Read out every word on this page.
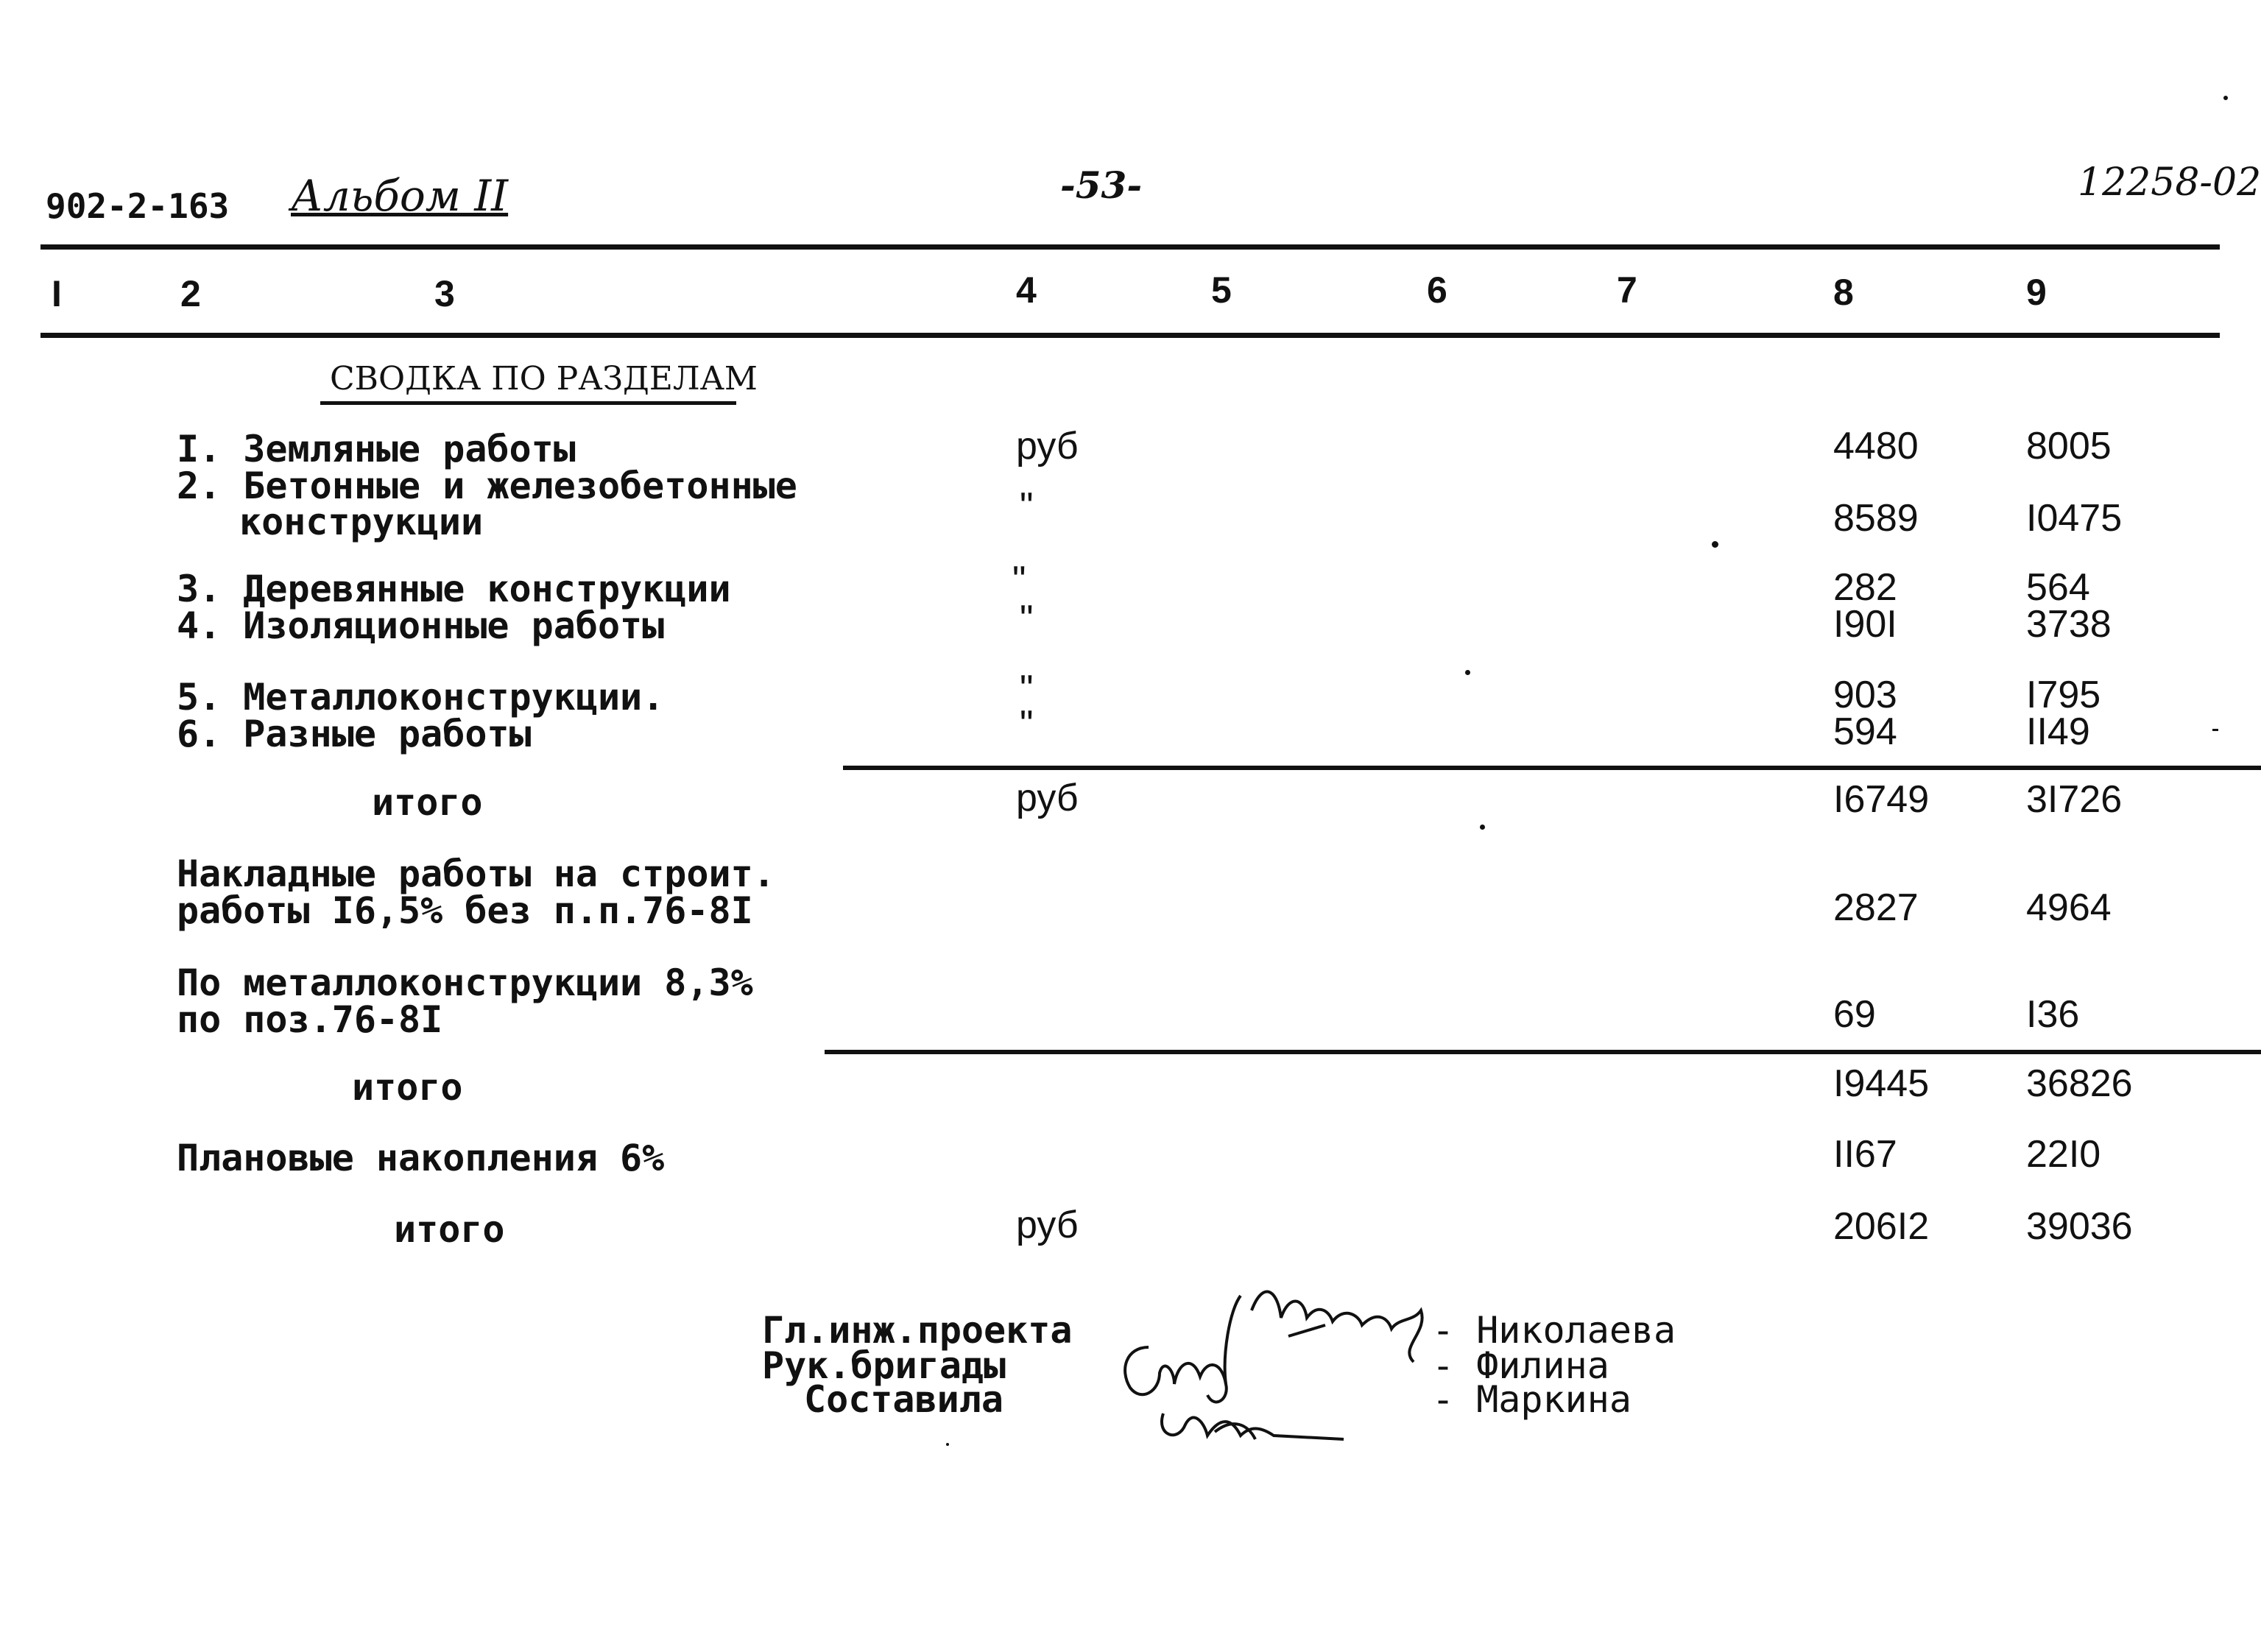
902-2-163 Альбом II	-53-	12258-02
I	2	3	4	5	6	7	8	9
СВОДКА ПО РАЗДЕЛАМ
I. Земляные работы	руб	4480	8005
2. Бетонные и железобетонные
конструкции	"	8589	I0475
3. Деревянные конструкции	"	282	564
4. Изоляционные работы	"	I90I	3738
5. Металлоконструкции.	"	903	I795
6. Разные работы	"	594	II49
итого	руб	I6749	3I726
Накладные работы на строит.
работы I6,5% без п.п.76-8I	2827	4964
По металлоконструкции 8,3%
по поз.76-8I	69	I36
итого	I9445	36826
Плановые накопления 6%	II67	22I0
итого	руб	206I2	39036
Гл.инж.проекта
Рук.бригады
Составила
- Николаева
- Филина
- Маркина
